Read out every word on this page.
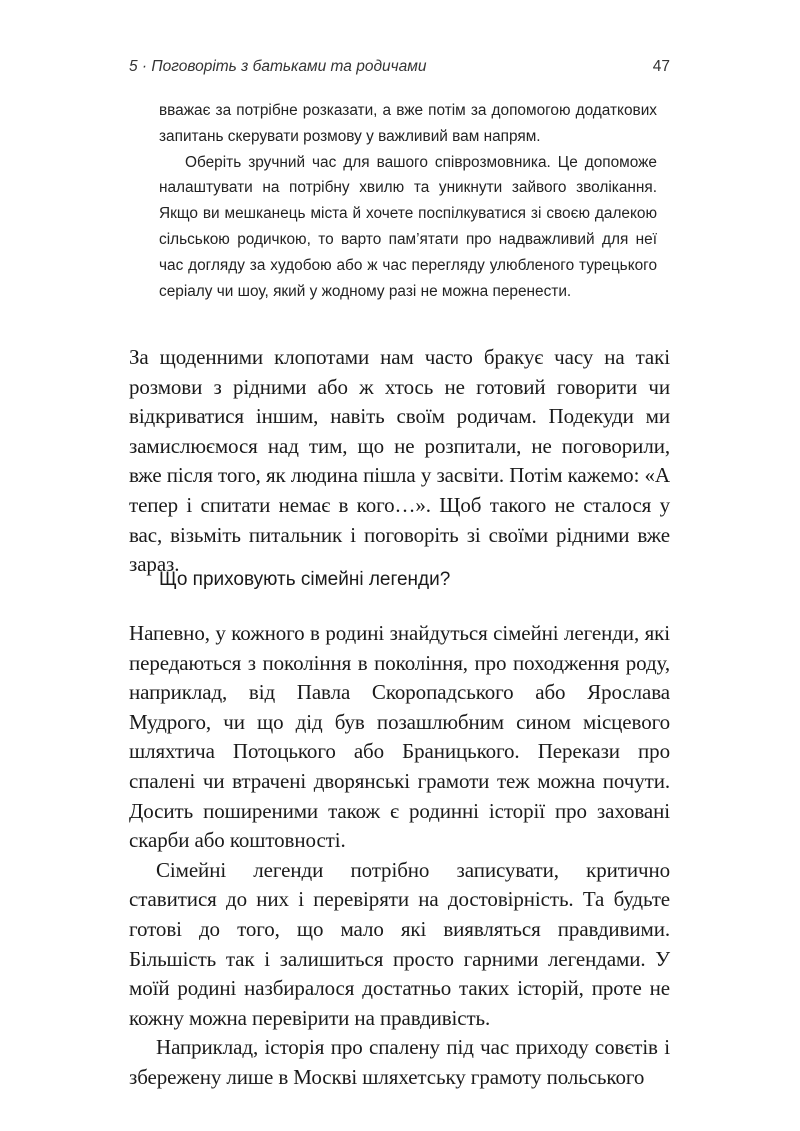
5 · Поговоріть з батьками та родичами	47

вважає за потрібне розказати, а вже потім за допомогою додаткових запитань скерувати розмову у важливий вам напрям.

Оберіть зручний час для вашого співрозмовника. Це допоможе налаштувати на потрібну хвилю та уникнути зайвого зволікання. Якщо ви мешканець міста й хочете поспілкуватися зі своєю далекою сільською родичкою, то варто пам’ятати про надважливий для неї час догляду за худобою або ж час перегляду улюбленого турецького серіалу чи шоу, який у жодному разі не можна перенести.

За щоденними клопотами нам часто бракує часу на такі розмови з рідними або ж хтось не готовий говорити чи відкриватися іншим, навіть своїм родичам. Подекуди ми замислюємося над тим, що не розпитали, не поговорили, вже після того, як людина пішла у засвіти. Потім кажемо: «А тепер і спитати немає в кого…». Щоб такого не сталося у вас, візьміть питальник і поговоріть зі своїми рідними вже зараз.

Що приховують сімейні легенди?

Напевно, у кожного в родині знайдуться сімейні легенди, які передаються з покоління в покоління, про походження роду, наприклад, від Павла Скоропадського або Ярослава Мудрого, чи що дід був позашлюбним сином місцевого шляхтича Потоцького або Браницького. Перекази про спалені чи втрачені дворянські грамоти теж можна почути. Досить поширеними також є родинні історії про заховані скарби або коштовності.

Сімейні легенди потрібно записувати, критично ставитися до них і перевіряти на достовірність. Та будьте готові до того, що мало які виявляться правдивими. Більшість так і залишиться просто гарними легендами. У моїй родині назбиралося достатньо таких історій, проте не кожну можна перевірити на правдивість.

Наприклад, історія про спалену під час приходу совєтів і збережену лише в Москві шляхетську грамоту польського
